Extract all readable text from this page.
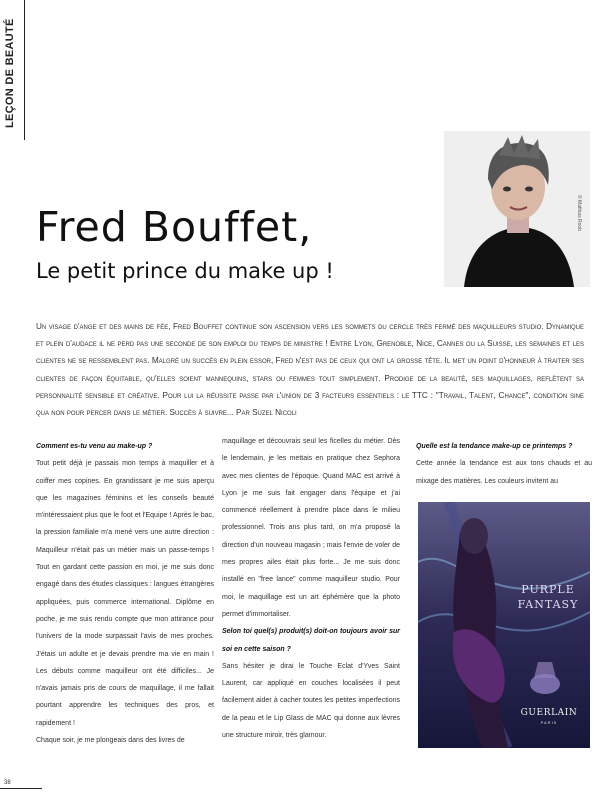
LEÇON DE BEAUTÉ
© Mathias Roob
Fred Bouffet,
Le petit prince du make up !
Un visage d'ange et des mains de fée, Fred Bouffet continue son ascension vers les sommets du cercle très fermé des maquilleurs studio. Dynamique et plein d'audace il ne perd pas une seconde de son emploi du temps de ministre ! Entre Lyon, Grenoble, Nice, Cannes ou la Suisse, les semaines et les clientes ne se ressemblent pas. Malgré un succès en plein essor, Fred n'est pas de ceux qui ont la grosse tête. Il met un point d'honneur à traiter ses clientes de façon équitable, qu'elles soient mannequins, stars ou femmes tout simplement. Prodige de la beauté, ses maquillages, reflètent sa personnalité sensible et créative. Pour lui la réussite passe par l'union de 3 facteurs essentiels : le TTC : "Travail, Talent, Chance", condition sine qua non pour percer dans le métier. Succès à suivre... Par Suzel Nicoli
Comment es-tu venu au make-up ?

Tout petit déjà je passais mon temps à maquiller et à coiffer mes copines. En grandissant je me suis aperçu que les magazines féminins et les conseils beauté m'intéressaient plus que le foot et l'Equipe ! Après le bac, la pression familiale m'a mené vers une autre direction : Maquilleur n'était pas un métier mais un passe-temps ! Tout en gardant cette passion en moi, je me suis donc engagé dans des études classiques : langues étrangères appliquées, puis commerce international. Diplôme en poche, je me suis rendu compte que mon attirance pour l'univers de la mode surpassait l'avis de mes proches. J'étais un adulte et je devais prendre ma vie en main ! Les débuts comme maquilleur ont été difficiles... Je n'avais jamais pris de cours de maquillage, il me fallait pourtant apprendre les techniques des pros, et rapidement !

Chaque soir, je me plongeais dans des livres de

maquillage et découvrais seul les ficelles du métier. Dès le lendemain, je les mettais en pratique chez Sephora avec mes clientes de l'époque. Quand MAC est arrivé à Lyon je me suis fait engager dans l'équipe et j'ai commencé réellement à prendre place dans le milieu professionnel. Trois ans plus tard, on m'a proposé la direction d'un nouveau magasin ; mais l'envie de voler de mes propres ailes était plus forte... Je me suis donc installé en "free lance" comme maquilleur studio. Pour moi, le maquillage est un art éphémère que la photo permet d'immortaliser.

Selon toi quel(s) produit(s) doit-on toujours avoir sur soi en cette saison ?

Sans hésiter je dirai le Touche Eclat d'Yves Saint Laurent, car appliqué en couches localisées il peut facilement aider à cacher toutes les petites imperfections de la peau et le Lip Glass de MAC qui donne aux lèvres une structure miroir, très glamour.

Quelle est la tendance make-up ce printemps ?

Cette année la tendance est aux tons chauds et au mixage des matières. Les couleurs invitent au

PURPLE
FANTASY
GUERLAIN
PARIS
38
